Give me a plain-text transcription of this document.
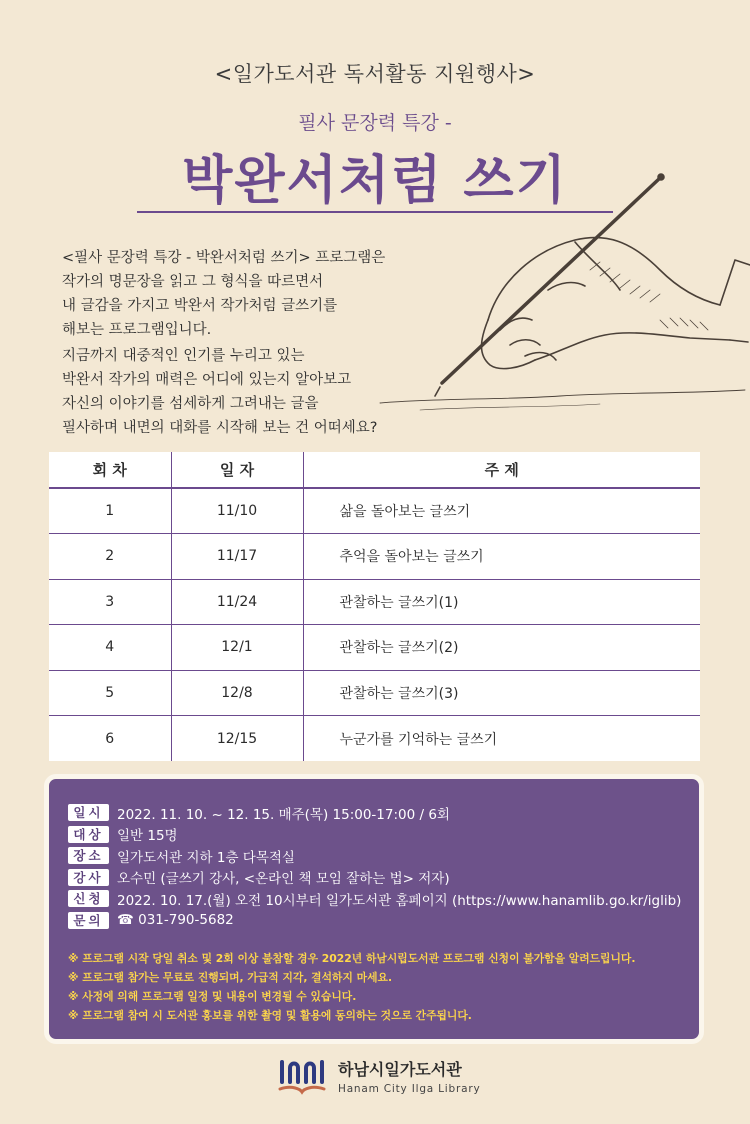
<일가도서관 독서활동 지원행사>
필사 문장력 특강 -
박완서처럼 쓰기

<필사 문장력 특강 - 박완서처럼 쓰기> 프로그램은

작가의 명문장을 읽고 그 형식을 따르면서

내 글감을 가지고 박완서 작가처럼 글쓰기를

해보는 프로그램입니다.

지금까지 대중적인 인기를 누리고 있는

박완서 작가의 매력은 어디에 있는지 알아보고

자신의 이야기를 섬세하게 그려내는 글을

필사하며 내면의 대화를 시작해 보는 건 어떠세요?

회 차	일 자	주 제
1	11/10	삶을 돌아보는 글쓰기
2	11/17	추억을 돌아보는 글쓰기
3	11/24	관찰하는 글쓰기(1)
4	12/1	관찰하는 글쓰기(2)
5	12/8	관찰하는 글쓰기(3)
6	12/15	누군가를 기억하는 글쓰기
일시 2022. 11. 10. ~ 12. 15. 매주(목) 15:00-17:00 / 6회
대상 일반 15명
장소 일가도서관 지하 1층 다목적실
강사 오수민 (글쓰기 강사, <온라인 책 모임 잘하는 법> 저자)
신청 2022. 10. 17.(월) 오전 10시부터 일가도서관 홈페이지 (https://www.hanamlib.go.kr/iglib)
문의 ☎ 031-790-5682
※ 프로그램 시작 당일 취소 및 2회 이상 불참할 경우 2022년 하남시립도서관 프로그램 신청이 불가함을 알려드립니다.
※ 프로그램 참가는 무료로 진행되며, 가급적 지각, 결석하지 마세요.
※ 사정에 의해 프로그램 일정 및 내용이 변경될 수 있습니다.
※ 프로그램 참여 시 도서관 홍보를 위한 촬영 및 활용에 동의하는 것으로 간주됩니다.
하남시일가도서관
Hanam City Ilga Library
